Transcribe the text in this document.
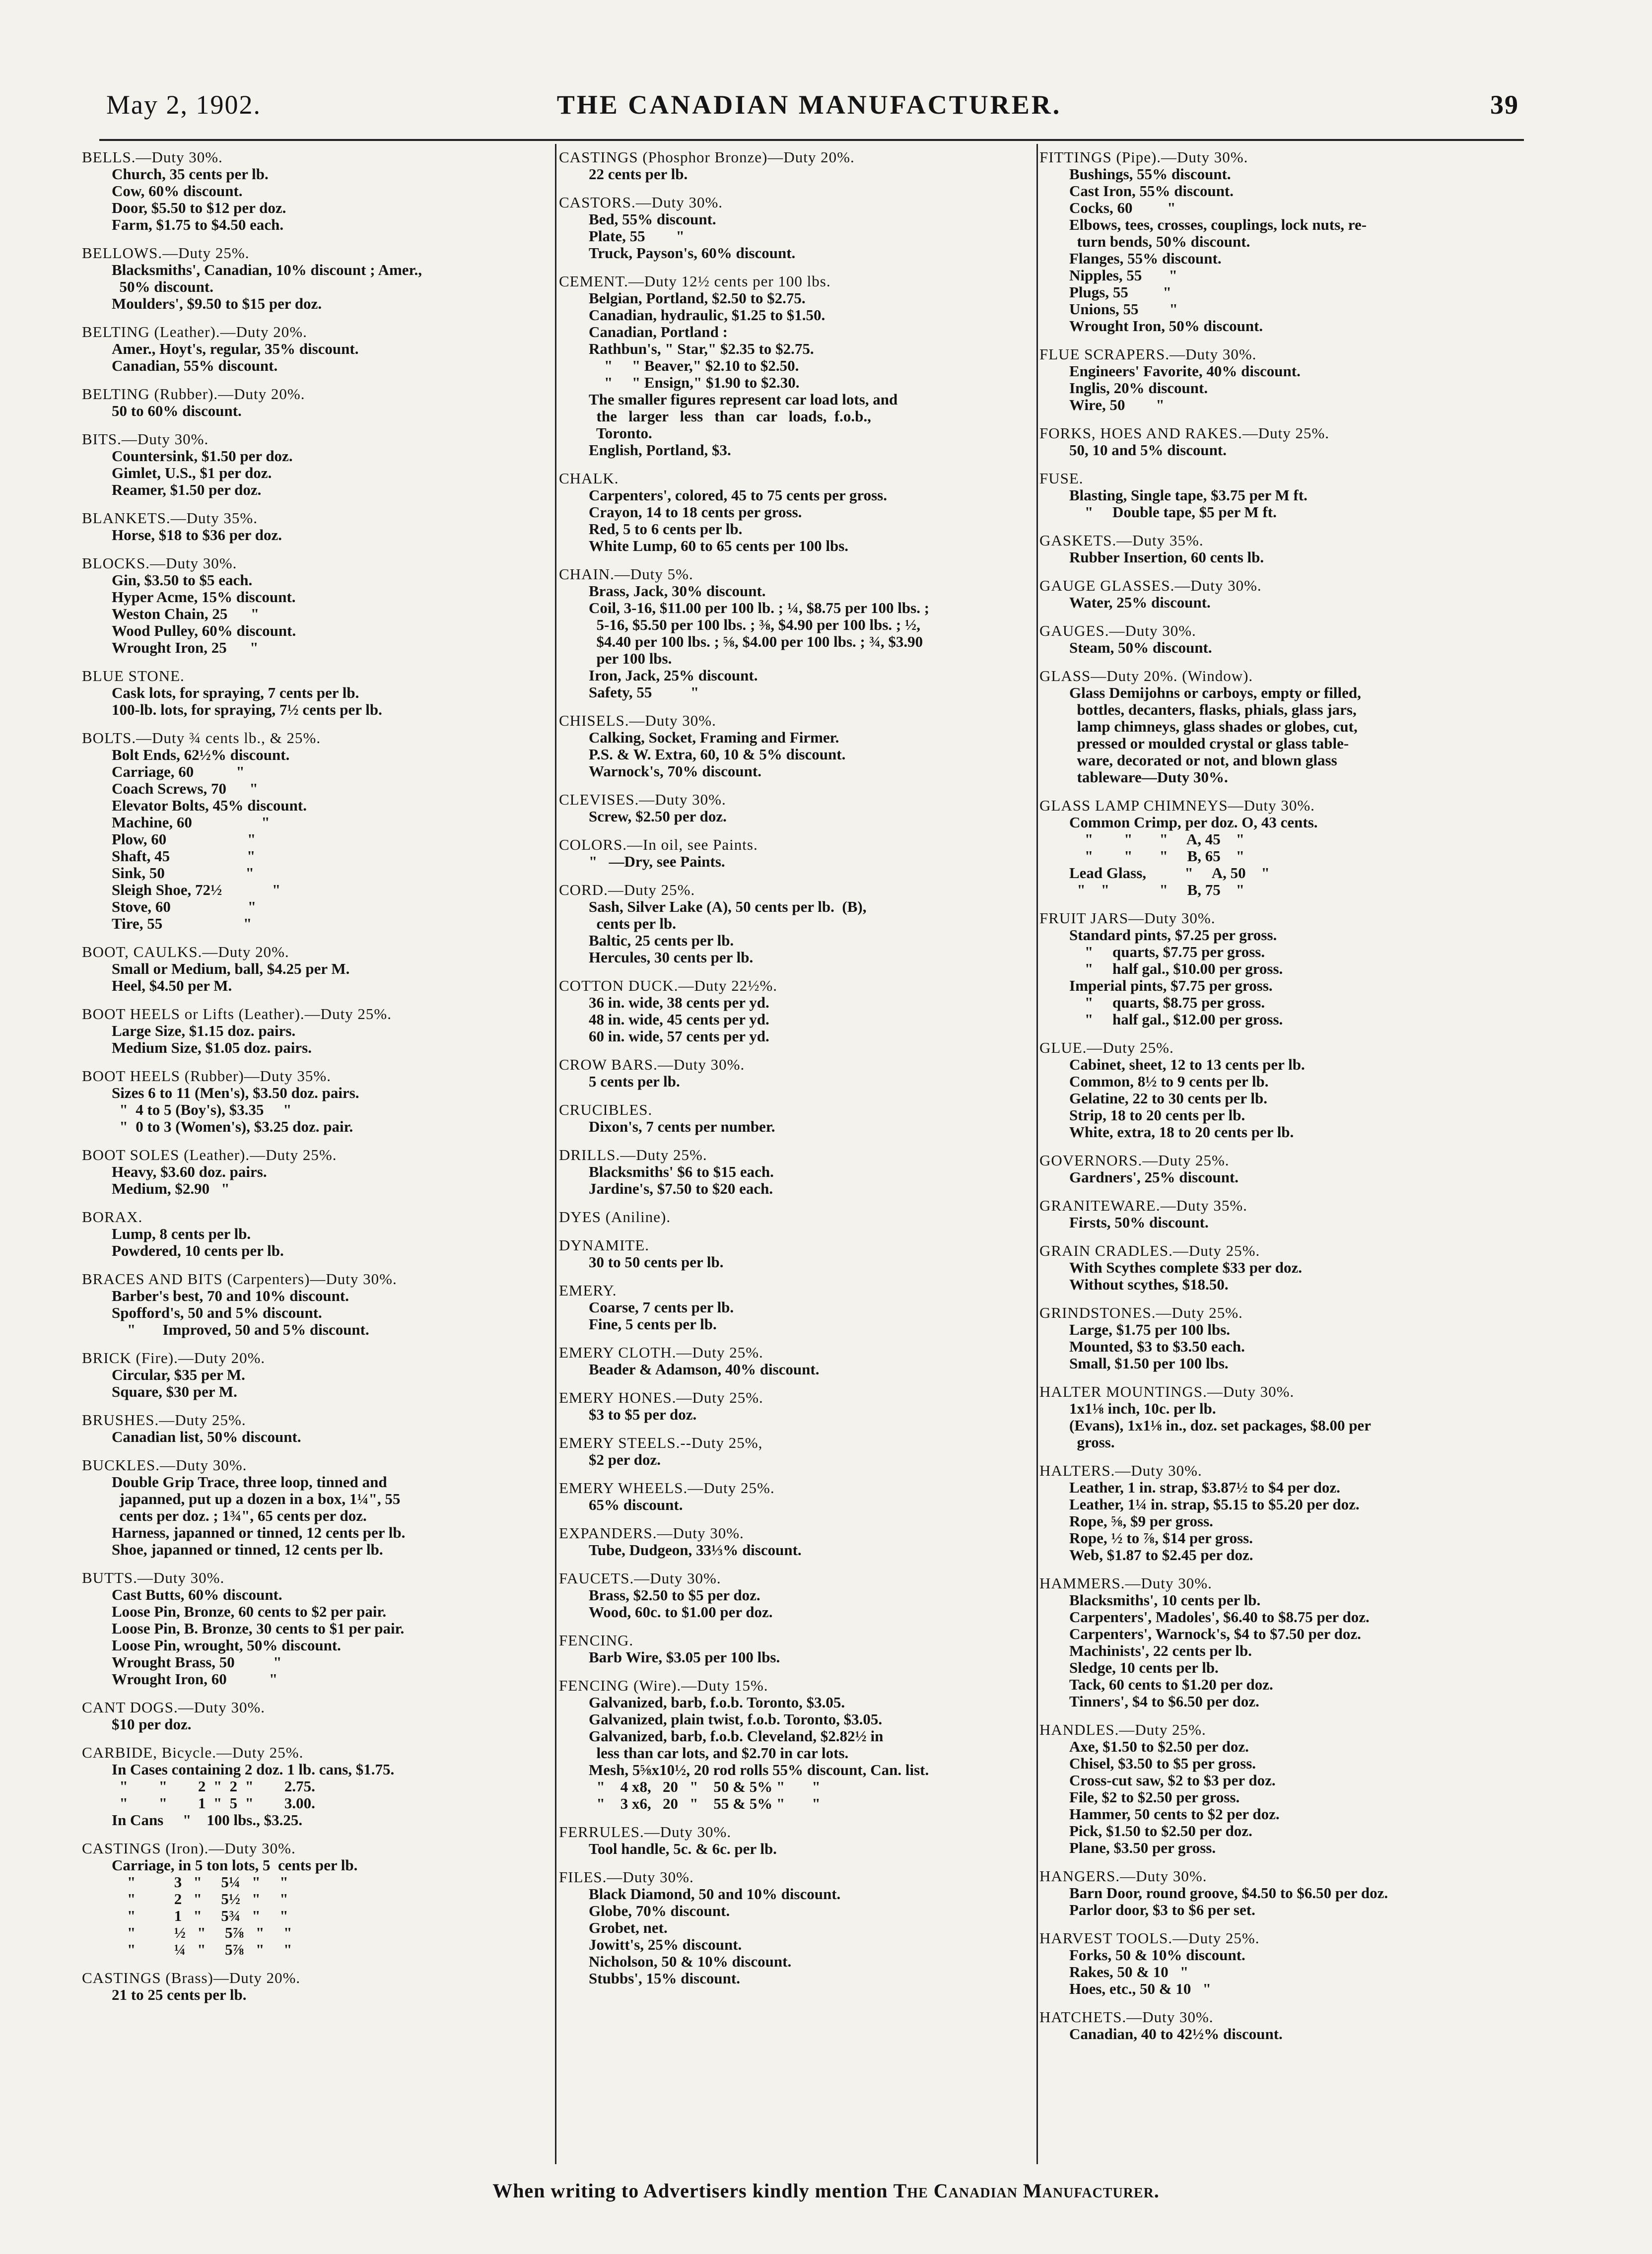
May 2, 1902.	THE CANADIAN MANUFACTURER.	39
BELLS.—Duty 30%.
Church, 35 cents per lb.
Cow, 60% discount.
Door, $5.50 to $12 per doz.
Farm, $1.75 to $4.50 each.
BELLOWS.—Duty 25%.
Blacksmiths', Canadian, 10% discount ; Amer.,
50% discount.
Moulders', $9.50 to $15 per doz.
BELTING (Leather).—Duty 20%.
Amer., Hoyt's, regular, 35% discount.
Canadian, 55% discount.
BELTING (Rubber).—Duty 20%.
50 to 60% discount.
BITS.—Duty 30%.
Countersink, $1.50 per doz.
Gimlet, U.S., $1 per doz.
Reamer, $1.50 per doz.
BLANKETS.—Duty 35%.
Horse, $18 to $36 per doz.
BLOCKS.—Duty 30%.
Gin, $3.50 to $5 each.
Hyper Acme, 15% discount.
Weston Chain, 25      "
Wood Pulley, 60% discount.
Wrought Iron, 25      "
BLUE STONE.
Cask lots, for spraying, 7 cents per lb.
100-lb. lots, for spraying, 7½ cents per lb.
BOLTS.—Duty ¾ cents lb., & 25%.
Bolt Ends, 62½% discount.
Carriage, 60           "
Coach Screws, 70      "
Elevator Bolts, 45% discount.
Machine, 60                  "
Plow, 60                     "
Shaft, 45                    "
Sink, 50                     "
Sleigh Shoe, 72½             "
Stove, 60                    "
Tire, 55                     "
BOOT, CAULKS.—Duty 20%.
Small or Medium, ball, $4.25 per M.
Heel, $4.50 per M.
BOOT HEELS or Lifts (Leather).—Duty 25%.
Large Size, $1.15 doz. pairs.
Medium Size, $1.05 doz. pairs.
BOOT HEELS (Rubber)—Duty 35%.
Sizes 6 to 11 (Men's), $3.50 doz. pairs.
"  4 to 5 (Boy's), $3.35     "
"  0 to 3 (Women's), $3.25 doz. pair.
BOOT SOLES (Leather).—Duty 25%.
Heavy, $3.60 doz. pairs.
Medium, $2.90   "
BORAX.
Lump, 8 cents per lb.
Powdered, 10 cents per lb.
BRACES AND BITS (Carpenters)—Duty 30%.
Barber's best, 70 and 10% discount.
Spofford's, 50 and 5% discount.
"       Improved, 50 and 5% discount.
BRICK (Fire).—Duty 20%.
Circular, $35 per M.
Square, $30 per M.
BRUSHES.—Duty 25%.
Canadian list, 50% discount.
BUCKLES.—Duty 30%.
Double Grip Trace, three loop, tinned and
japanned, put up a dozen in a box, 1¼", 55
cents per doz. ; 1¾", 65 cents per doz.
Harness, japanned or tinned, 12 cents per lb.
Shoe, japanned or tinned, 12 cents per lb.
BUTTS.—Duty 30%.
Cast Butts, 60% discount.
Loose Pin, Bronze, 60 cents to $2 per pair.
Loose Pin, B. Bronze, 30 cents to $1 per pair.
Loose Pin, wrought, 50% discount.
Wrought Brass, 50          "
Wrought Iron, 60           "
CANT DOGS.—Duty 30%.
$10 per doz.
CARBIDE, Bicycle.—Duty 25%.
In Cases containing 2 doz. 1 lb. cans, $1.75.
"        "        2  "  2  "        2.75.
"        "        1  "  5  "        3.00.
In Cans     "    100 lbs., $3.25.
CASTINGS (Iron).—Duty 30%.
Carriage, in 5 ton lots, 5  cents per lb.
"          3   "     5¼   "     "
"          2   "     5½   "     "
"          1   "     5¾   "     "
"          ½   "     5⅞   "     "
"          ¼   "     5⅞   "     "
CASTINGS (Brass)—Duty 20%.
21 to 25 cents per lb.
CASTINGS (Phosphor Bronze)—Duty 20%.
22 cents per lb.
CASTORS.—Duty 30%.
Bed, 55% discount.
Plate, 55        "
Truck, Payson's, 60% discount.
CEMENT.—Duty 12½ cents per 100 lbs.
Belgian, Portland, $2.50 to $2.75.
Canadian, hydraulic, $1.25 to $1.50.
Canadian, Portland :
Rathbun's, " Star," $2.35 to $2.75.
"     " Beaver," $2.10 to $2.50.
"     " Ensign," $1.90 to $2.30.
The smaller figures represent car load lots, and
the   larger   less   than   car   loads,  f.o.b.,
Toronto.
English, Portland, $3.
CHALK.
Carpenters', colored, 45 to 75 cents per gross.
Crayon, 14 to 18 cents per gross.
Red, 5 to 6 cents per lb.
White Lump, 60 to 65 cents per 100 lbs.
CHAIN.—Duty 5%.
Brass, Jack, 30% discount.
Coil, 3-16, $11.00 per 100 lb. ; ¼, $8.75 per 100 lbs. ;
5-16, $5.50 per 100 lbs. ; ⅜, $4.90 per 100 lbs. ; ½,
$4.40 per 100 lbs. ; ⅝, $4.00 per 100 lbs. ; ¾, $3.90
per 100 lbs.
Iron, Jack, 25% discount.
Safety, 55          "
CHISELS.—Duty 30%.
Calking, Socket, Framing and Firmer.
P.S. & W. Extra, 60, 10 & 5% discount.
Warnock's, 70% discount.
CLEVISES.—Duty 30%.
Screw, $2.50 per doz.
COLORS.—In oil, see Paints.
"   —Dry, see Paints.
CORD.—Duty 25%.
Sash, Silver Lake (A), 50 cents per lb.  (B),
cents per lb.
Baltic, 25 cents per lb.
Hercules, 30 cents per lb.
COTTON DUCK.—Duty 22½%.
36 in. wide, 38 cents per yd.
48 in. wide, 45 cents per yd.
60 in. wide, 57 cents per yd.
CROW BARS.—Duty 30%.
5 cents per lb.
CRUCIBLES.
Dixon's, 7 cents per number.
DRILLS.—Duty 25%.
Blacksmiths' $6 to $15 each.
Jardine's, $7.50 to $20 each.
DYES (Aniline).
DYNAMITE.
30 to 50 cents per lb.
EMERY.
Coarse, 7 cents per lb.
Fine, 5 cents per lb.
EMERY CLOTH.—Duty 25%.
Beader & Adamson, 40% discount.
EMERY HONES.—Duty 25%.
$3 to $5 per doz.
EMERY STEELS.--Duty 25%,
$2 per doz.
EMERY WHEELS.—Duty 25%.
65% discount.
EXPANDERS.—Duty 30%.
Tube, Dudgeon, 33⅓% discount.
FAUCETS.—Duty 30%.
Brass, $2.50 to $5 per doz.
Wood, 60c. to $1.00 per doz.
FENCING.
Barb Wire, $3.05 per 100 lbs.
FENCING (Wire).—Duty 15%.
Galvanized, barb, f.o.b. Toronto, $3.05.
Galvanized, plain twist, f.o.b. Toronto, $3.05.
Galvanized, barb, f.o.b. Cleveland, $2.82½ in
less than car lots, and $2.70 in car lots.
Mesh, 5⅝x10½, 20 rod rolls 55% discount, Can. list.
"    4 x8,   20   "    50 & 5% "       "
"    3 x6,   20   "    55 & 5% "       "
FERRULES.—Duty 30%.
Tool handle, 5c. & 6c. per lb.
FILES.—Duty 30%.
Black Diamond, 50 and 10% discount.
Globe, 70% discount.
Grobet, net.
Jowitt's, 25% discount.
Nicholson, 50 & 10% discount.
Stubbs', 15% discount.
FITTINGS (Pipe).—Duty 30%.
Bushings, 55% discount.
Cast Iron, 55% discount.
Cocks, 60         "
Elbows, tees, crosses, couplings, lock nuts, re-
turn bends, 50% discount.
Flanges, 55% discount.
Nipples, 55       "
Plugs, 55         "
Unions, 55        "
Wrought Iron, 50% discount.
FLUE SCRAPERS.—Duty 30%.
Engineers' Favorite, 40% discount.
Inglis, 20% discount.
Wire, 50        "
FORKS, HOES AND RAKES.—Duty 25%.
50, 10 and 5% discount.
FUSE.
Blasting, Single tape, $3.75 per M ft.
"     Double tape, $5 per M ft.
GASKETS.—Duty 35%.
Rubber Insertion, 60 cents lb.
GAUGE GLASSES.—Duty 30%.
Water, 25% discount.
GAUGES.—Duty 30%.
Steam, 50% discount.
GLASS—Duty 20%. (Window).
Glass Demijohns or carboys, empty or filled,
bottles, decanters, flasks, phials, glass jars,
lamp chimneys, glass shades or globes, cut,
pressed or moulded crystal or glass table-
ware, decorated or not, and blown glass
tableware—Duty 30%.
GLASS LAMP CHIMNEYS—Duty 30%.
Common Crimp, per doz. O, 43 cents.
"        "       "     A, 45    "
"        "       "     B, 65    "
Lead Glass,          "     A, 50    "
"    "             "     B, 75    "
FRUIT JARS—Duty 30%.
Standard pints, $7.25 per gross.
"     quarts, $7.75 per gross.
"     half gal., $10.00 per gross.
Imperial pints, $7.75 per gross.
"     quarts, $8.75 per gross.
"     half gal., $12.00 per gross.
GLUE.—Duty 25%.
Cabinet, sheet, 12 to 13 cents per lb.
Common, 8½ to 9 cents per lb.
Gelatine, 22 to 30 cents per lb.
Strip, 18 to 20 cents per lb.
White, extra, 18 to 20 cents per lb.
GOVERNORS.—Duty 25%.
Gardners', 25% discount.
GRANITEWARE.—Duty 35%.
Firsts, 50% discount.
GRAIN CRADLES.—Duty 25%.
With Scythes complete $33 per doz.
Without scythes, $18.50.
GRINDSTONES.—Duty 25%.
Large, $1.75 per 100 lbs.
Mounted, $3 to $3.50 each.
Small, $1.50 per 100 lbs.
HALTER MOUNTINGS.—Duty 30%.
1x1⅛ inch, 10c. per lb.
(Evans), 1x1⅛ in., doz. set packages, $8.00 per
gross.
HALTERS.—Duty 30%.
Leather, 1 in. strap, $3.87½ to $4 per doz.
Leather, 1¼ in. strap, $5.15 to $5.20 per doz.
Rope, ⅝, $9 per gross.
Rope, ½ to ⅞, $14 per gross.
Web, $1.87 to $2.45 per doz.
HAMMERS.—Duty 30%.
Blacksmiths', 10 cents per lb.
Carpenters', Madoles', $6.40 to $8.75 per doz.
Carpenters', Warnock's, $4 to $7.50 per doz.
Machinists', 22 cents per lb.
Sledge, 10 cents per lb.
Tack, 60 cents to $1.20 per doz.
Tinners', $4 to $6.50 per doz.
HANDLES.—Duty 25%.
Axe, $1.50 to $2.50 per doz.
Chisel, $3.50 to $5 per gross.
Cross-cut saw, $2 to $3 per doz.
File, $2 to $2.50 per gross.
Hammer, 50 cents to $2 per doz.
Pick, $1.50 to $2.50 per doz.
Plane, $3.50 per gross.
HANGERS.—Duty 30%.
Barn Door, round groove, $4.50 to $6.50 per doz.
Parlor door, $3 to $6 per set.
HARVEST TOOLS.—Duty 25%.
Forks, 50 & 10% discount.
Rakes, 50 & 10   "
Hoes, etc., 50 & 10   "
HATCHETS.—Duty 30%.
Canadian, 40 to 42½% discount.
When writing to Advertisers kindly mention The Canadian Manufacturer.
